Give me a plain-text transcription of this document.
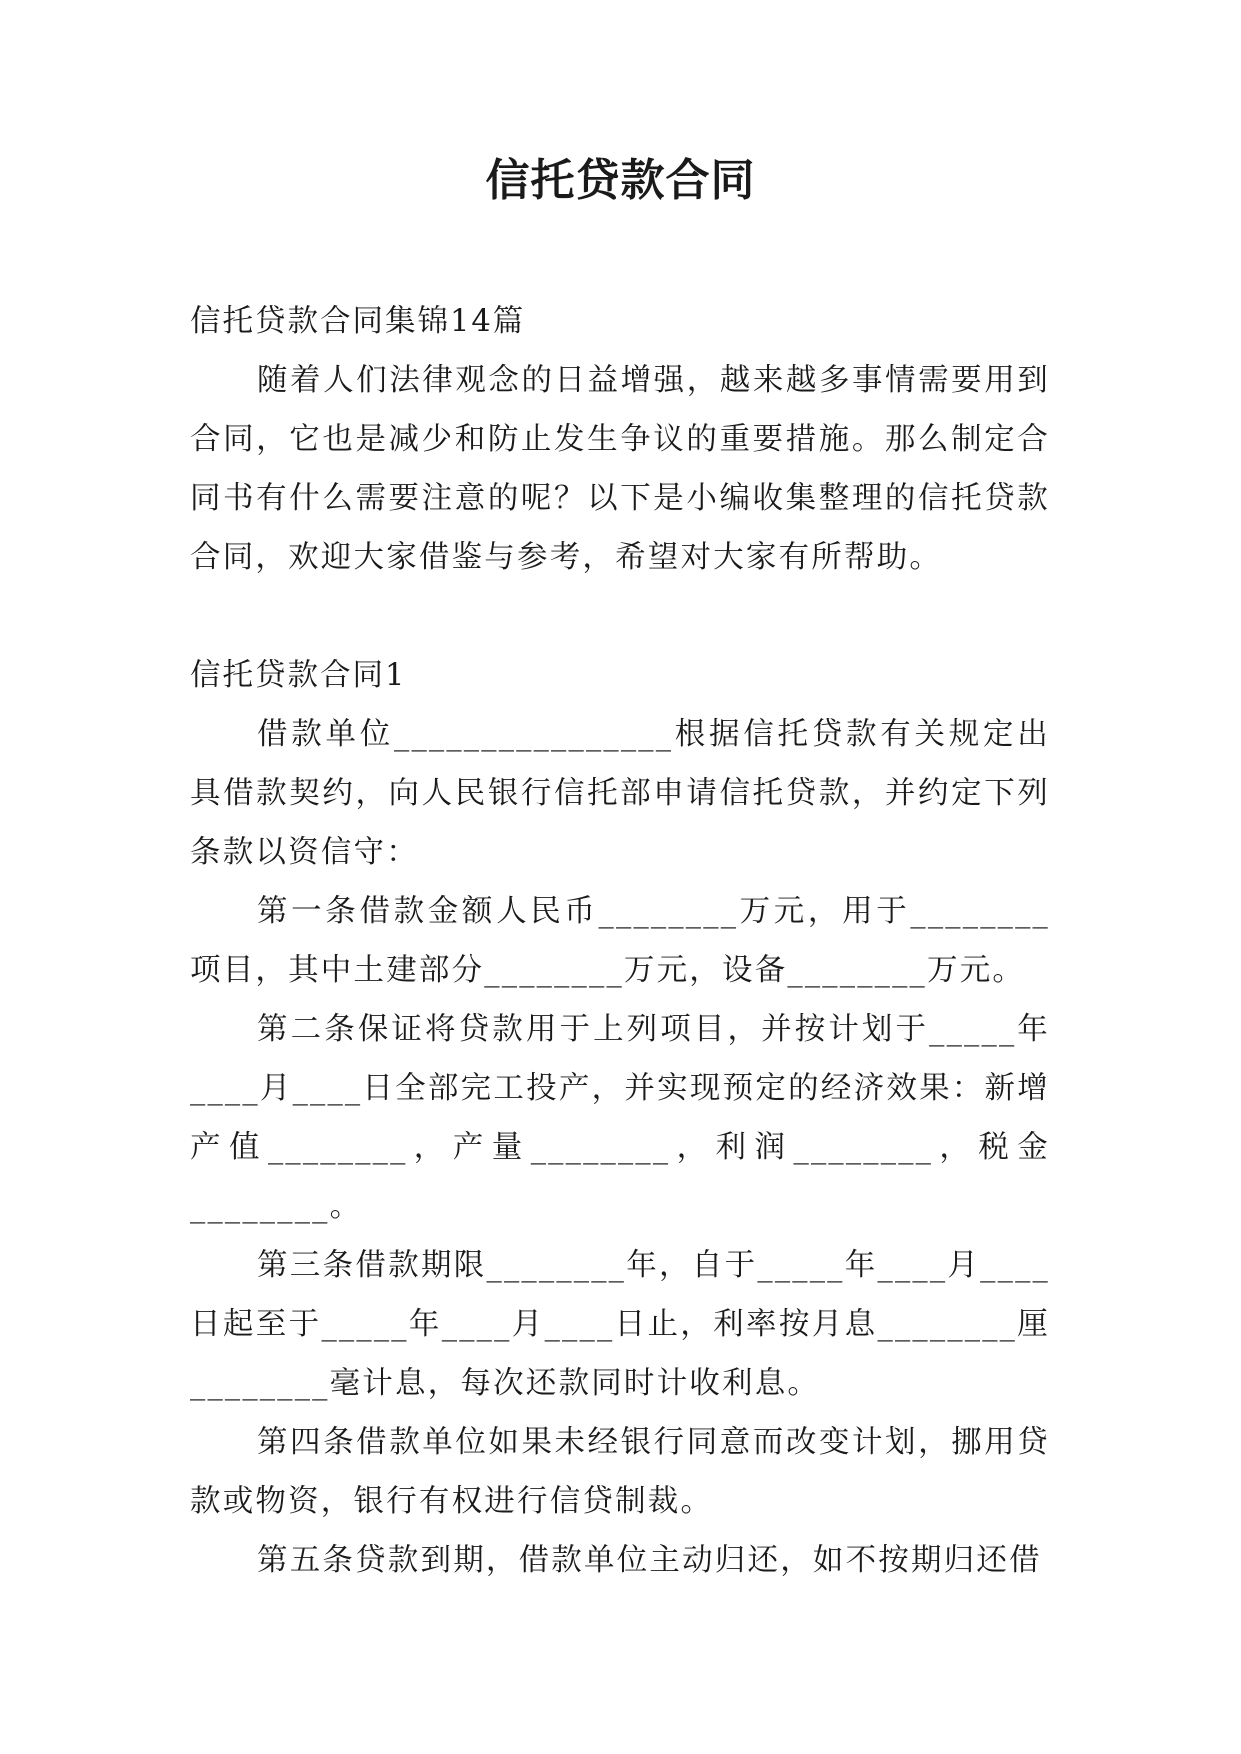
信托贷款合同

信托贷款合同集锦14篇

随着人们法律观念的日益增强，越来越多事情需要用到合同，它也是减少和防止发生争议的重要措施。那么制定合同书有什么需要注意的呢？以下是小编收集整理的信托贷款合同，欢迎大家借鉴与参考，希望对大家有所帮助。

信托贷款合同1

借款单位________________根据信托贷款有关规定出具借款契约，向人民银行信托部申请信托贷款，并约定下列条款以资信守：

第一条借款金额人民币________万元，用于________项目，其中土建部分________万元，设备________万元。

第二条保证将贷款用于上列项目，并按计划于_____年____月____日全部完工投产，并实现预定的经济效果：新增产值________，产量________，利润________，税金________。

第三条借款期限________年，自于_____年____月____日起至于_____年____月____日止，利率按月息________厘________毫计息，每次还款同时计收利息。

第四条借款单位如果未经银行同意而改变计划，挪用贷款或物资，银行有权进行信贷制裁。

第五条贷款到期，借款单位主动归还，如不按期归还借
